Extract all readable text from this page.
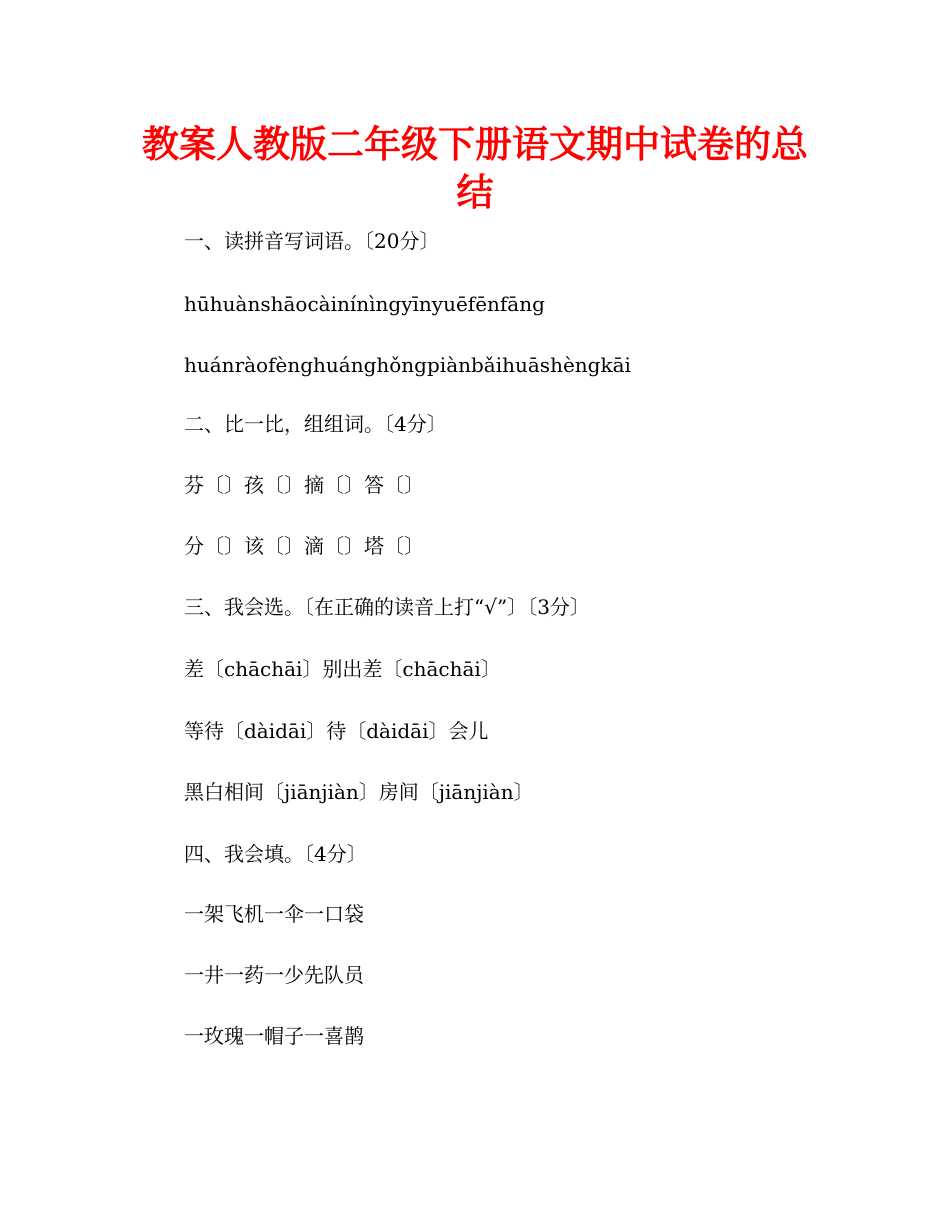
教案人教版二年级下册语文期中试卷的总结

一、读拼音写词语。〔20分〕

hūhuànshāocàinínìngyīnyuēfēnfāng

huánràofènghuánghǒngpiànbǎihuāshèngkāi

二、比一比，组组词。〔4分〕

芬〔〕孩〔〕摘〔〕答〔〕

分〔〕该〔〕滴〔〕塔〔〕

三、我会选。〔在正确的读音上打“√”〕〔3分〕

差〔chāchāi〕别出差〔chāchāi〕

等待〔dàidāi〕待〔dàidāi〕会儿

黑白相间〔jiānjiàn〕房间〔jiānjiàn〕

四、我会填。〔4分〕

一架飞机一伞一口袋

一井一药一少先队员

一玫瑰一帽子一喜鹊
